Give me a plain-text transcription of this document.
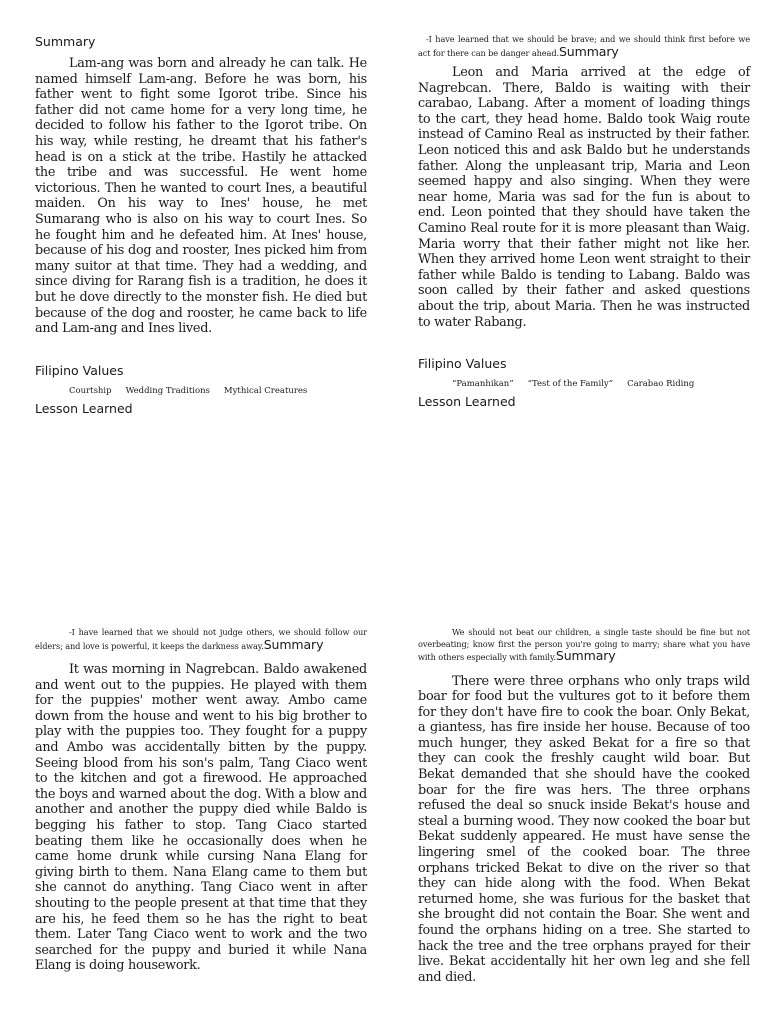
Summary

Lam-ang was born and already he can talk. He named himself Lam-ang. Before he was born, his father went to fight some Igorot tribe. Since his father did not came home for a very long time, he decided to follow his father to the Igorot tribe. On his way, while resting, he dreamt that his father's head is on a stick at the tribe. Hastily he attacked the tribe and was successful. He went home victorious. Then he wanted to court Ines, a beautiful maiden. On his way to Ines' house, he met Sumarang who is also on his way to court Ines. So he fought him and he defeated him. At Ines' house, because of his dog and rooster, Ines picked him from many suitor at that time. They had a wedding, and since diving for Rarang fish is a tradition, he does it but he dove directly to the monster fish. He died but because of the dog and rooster, he came back to life and Lam-ang and Ines lived.

Filipino Values
Courtship Wedding Traditions Mythical Creatures
Lesson Learned

-I have learned that we should be brave; and we should think first before we act for there can be danger ahead.Summary

Leon and Maria arrived at the edge of Nagrebcan. There, Baldo is waiting with their carabao, Labang. After a moment of loading things to the cart, they head home. Baldo took Waig route instead of Camino Real as instructed by their father. Leon noticed this and ask Baldo but he understands father. Along the unpleasant trip, Maria and Leon seemed happy and also singing. When they were near home, Maria was sad for the fun is about to end. Leon pointed that they should have taken the Camino Real route for it is more pleasant than Waig. Maria worry that their father might not like her. When they arrived home Leon went straight to their father while Baldo is tending to Labang. Baldo was soon called by their father and asked questions about the trip, about Maria. Then he was instructed to water Rabang.

Filipino Values
“Pamanhikan” “Test of the Family” Carabao Riding
Lesson Learned

-I have learned that we should not judge others, we should follow our elders; and love is powerful, it keeps the darkness away.Summary

It was morning in Nagrebcan. Baldo awakened and went out to the puppies. He played with them for the puppies' mother went away. Ambo came down from the house and went to his big brother to play with the puppies too. They fought for a puppy and Ambo was accidentally bitten by the puppy. Seeing blood from his son's palm, Tang Ciaco went to the kitchen and got a firewood. He approached the boys and warned about the dog. With a blow and another and another the puppy died while Baldo is begging his father to stop. Tang Ciaco started beating them like he occasionally does when he came home drunk while cursing Nana Elang for giving birth to them. Nana Elang came to them but she cannot do anything. Tang Ciaco went in after shouting to the people present at that time that they are his, he feed them so he has the right to beat them. Later Tang Ciaco went to work and the two searched for the puppy and buried it while Nana Elang is doing housework.

We should not beat our children, a single taste should be fine but not overbeating; know first the person you're going to marry; share what you have with others especially with family.Summary

There were three orphans who only traps wild boar for food but the vultures got to it before them for they don't have fire to cook the boar. Only Bekat, a giantess, has fire inside her house. Because of too much hunger, they asked Bekat for a fire so that they can cook the freshly caught wild boar. But Bekat demanded that she should have the cooked boar for the fire was hers. The three orphans refused the deal so snuck inside Bekat's house and steal a burning wood. They now cooked the boar but Bekat suddenly appeared. He must have sense the lingering smel of the cooked boar. The three orphans tricked Bekat to dive on the river so that they can hide along with the food. When Bekat returned home, she was furious for the basket that she brought did not contain the Boar. She went and found the orphans hiding on a tree. She started to hack the tree and the tree orphans prayed for their live. Bekat accidentally hit her own leg and she fell and died.
